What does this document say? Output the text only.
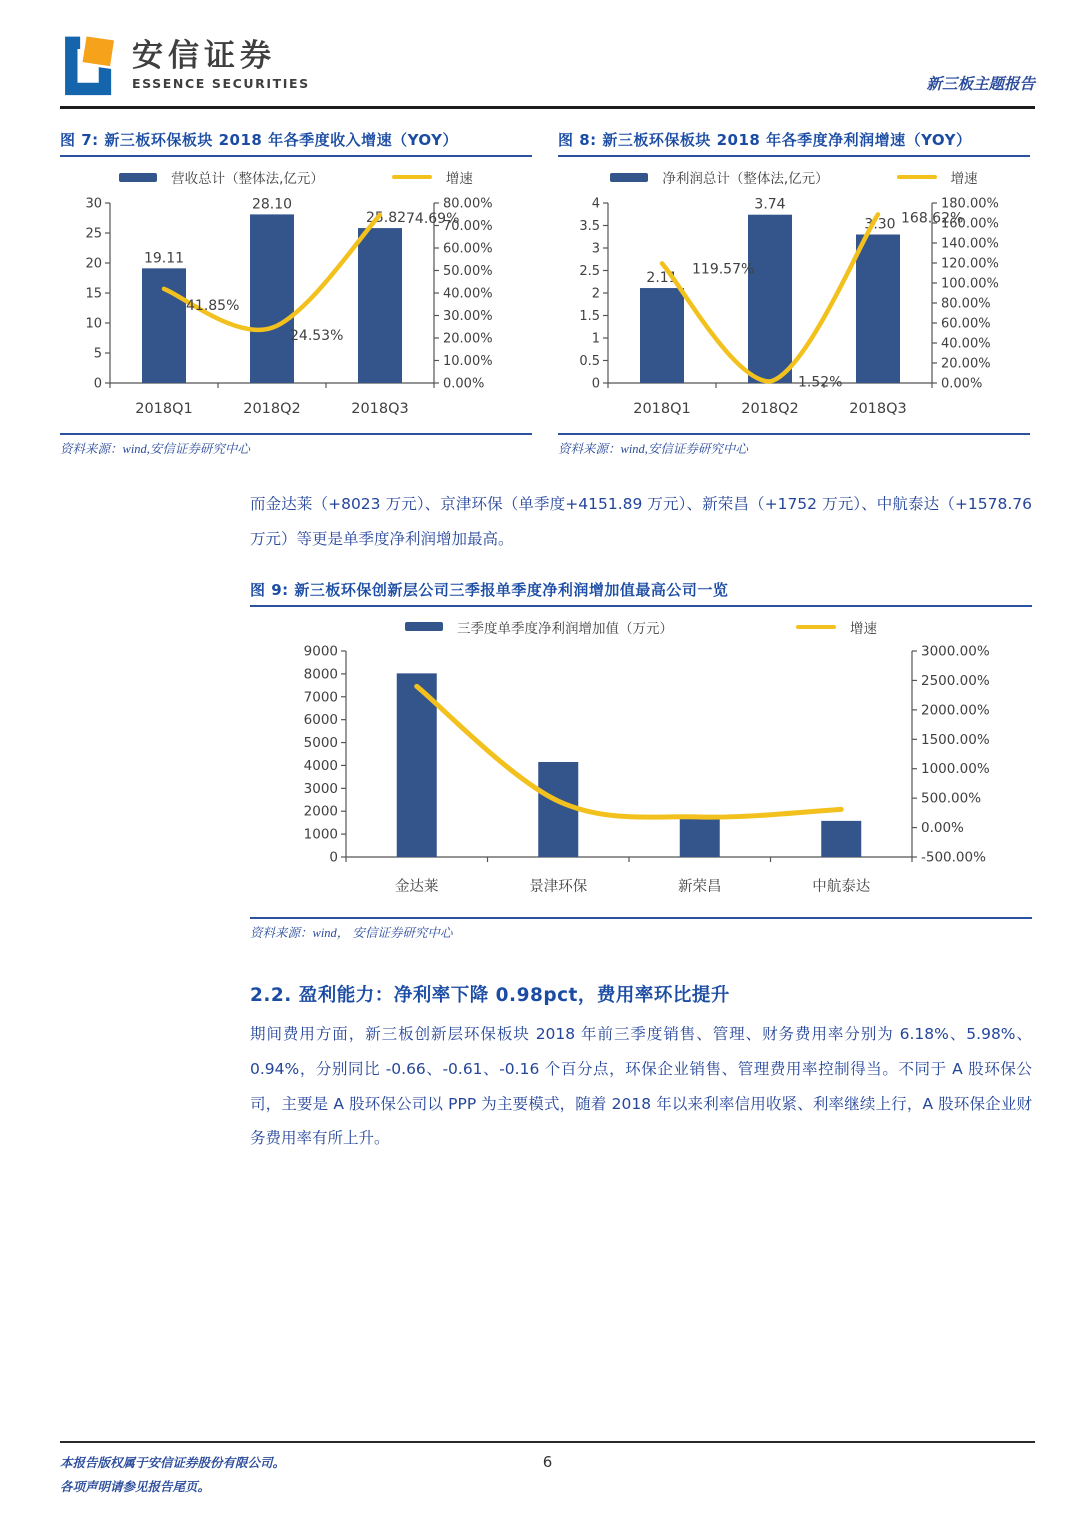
安信证券
ESSENCE SECURITIES	新三板主题报告
图 7: 新三板环保板块 2018 年各季度收入增速（YOY）
营收总计（整体法,亿元）	增速
0
5
10
15
20
25
30
0.00%
10.00%
20.00%
30.00%
40.00%
50.00%
60.00%
70.00%
80.00%
19.11
28.10
25.82
41.85%
24.53%
74.69%
2018Q1	2018Q2	2018Q3
资料来源：wind,安信证券研究中心
图 8: 新三板环保板块 2018 年各季度净利润增速（YOY）
净利润总计（整体法,亿元）	增速
0
0.5
1
1.5
2
2.5
3
3.5
4
0.00%
20.00%
40.00%
60.00%
80.00%
100.00%
120.00%
140.00%
160.00%
180.00%
2.11
3.74
3.30
119.57%
1.52%
168.62%
2018Q1	2018Q2	2018Q3
资料来源：wind,安信证券研究中心
而金达莱（+8023 万元）、京津环保（单季度+4151.89 万元）、新荣昌（+1752 万元）、中航泰达（+1578.76 万元）等更是单季度净利润增加最高。
图 9: 新三板环保创新层公司三季报单季度净利润增加值最高公司一览
三季度单季度净利润增加值（万元）	增速
0
1000
2000
3000
4000
5000
6000
7000
8000
9000
-500.00%
0.00%
500.00%
1000.00%
1500.00%
2000.00%
2500.00%
3000.00%
金达莱	景津环保	新荣昌	中航泰达
资料来源：wind， 安信证券研究中心
2.2. 盈利能力：净利率下降 0.98pct，费用率环比提升
期间费用方面，新三板创新层环保板块 2018 年前三季度销售、管理、财务费用率分别为 6.18%、5.98%、0.94%，分别同比 -0.66、-0.61、-0.16 个百分点，环保企业销售、管理费用率控制得当。不同于 A 股环保公司，主要是 A 股环保公司以 PPP 为主要模式，随着 2018 年以来利率信用收紧、利率继续上行，A 股环保企业财务费用率有所上升。
本报告版权属于安信证券股份有限公司。
各项声明请参见报告尾页。
6
